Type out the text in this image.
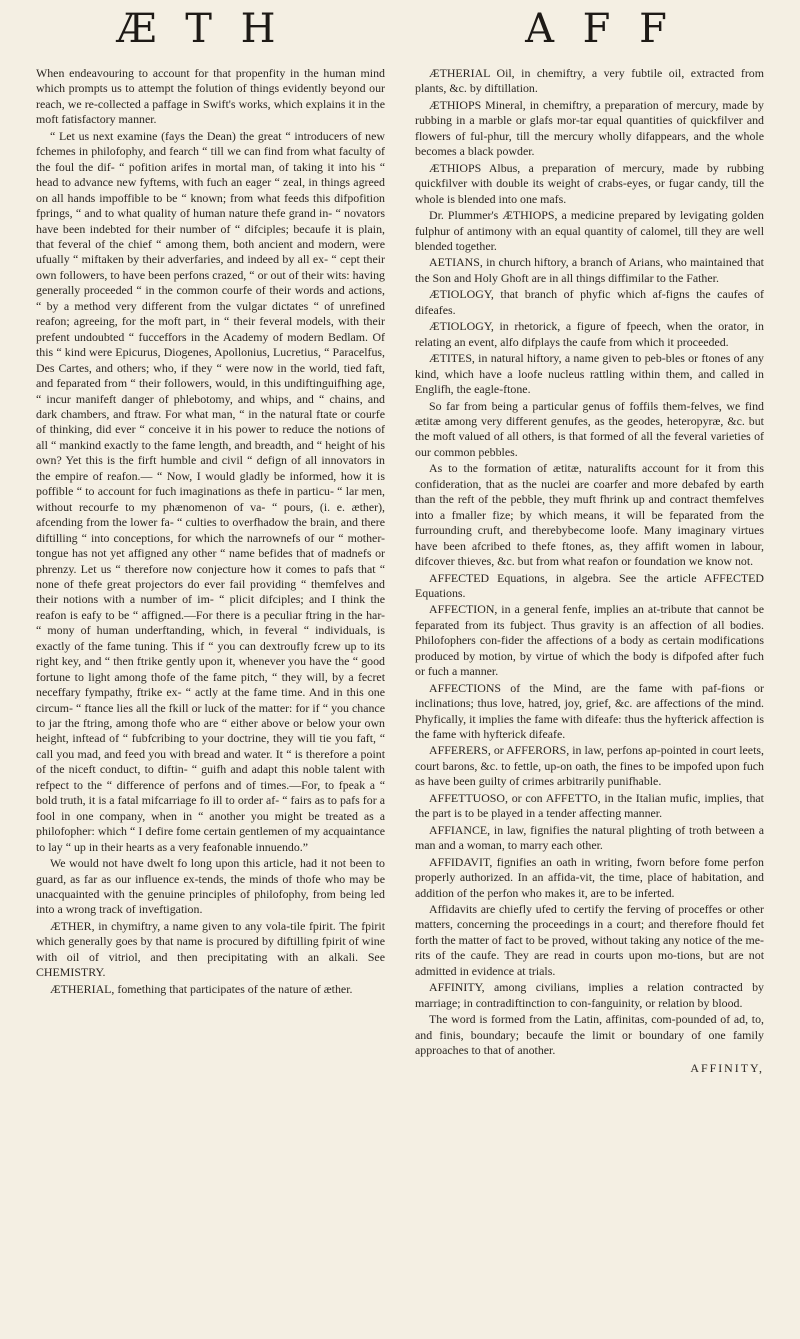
Æ T H	A F F

When endeavouring to account for that propenfity in the human mind which prompts us to attempt the folution of things evidently beyond our reach, we re-collected a paffage in Swift's works, which explains it in the moft fatisfactory manner.

“ Let us next examine (fays the Dean) the great “ introducers of new fchemes in philofophy, and fearch “ till we can find from what faculty of the foul the dif- “ pofition arifes in mortal man, of taking it into his “ head to advance new fyftems, with fuch an eager “ zeal, in things agreed on all hands impoffible to be “ known; from what feeds this difpofition fprings, “ and to what quality of human nature thefe grand in- “ novators have been indebted for their number of “ difciples; becaufe it is plain, that feveral of the chief “ among them, both ancient and modern, were ufually “ miftaken by their adverfaries, and indeed by all ex- “ cept their own followers, to have been perfons crazed, “ or out of their wits: having generally proceeded “ in the common courfe of their words and actions, “ by a method very different from the vulgar dictates “ of unrefined reafon; agreeing, for the moft part, in “ their feveral models, with their prefent undoubted “ fucceffors in the Academy of modern Bedlam. Of this “ kind were Epicurus, Diogenes, Apollonius, Lucretius, “ Paracelfus, Des Cartes, and others; who, if they “ were now in the world, tied faft, and feparated from “ their followers, would, in this undiftinguifhing age, “ incur manifeft danger of phlebotomy, and whips, and “ chains, and dark chambers, and ftraw. For what man, “ in the natural ftate or courfe of thinking, did ever “ conceive it in his power to reduce the notions of all “ mankind exactly to the fame length, and breadth, and “ height of his own? Yet this is the firft humble and civil “ defign of all innovators in the empire of reafon.— “ Now, I would gladly be informed, how it is poffible “ to account for fuch imaginations as thefe in particu- “ lar men, without recourfe to my phænomenon of va- “ pours, (i. e. æther), afcending from the lower fa- “ culties to overfhadow the brain, and there diftilling “ into conceptions, for which the narrownefs of our “ mother-tongue has not yet affigned any other “ name befides that of madnefs or phrenzy. Let us “ therefore now conjecture how it comes to pafs that “ none of thefe great projectors do ever fail providing “ themfelves and their notions with a number of im- “ plicit difciples; and I think the reafon is eafy to be “ affigned.—For there is a peculiar ftring in the har- “ mony of human underftanding, which, in feveral “ individuals, is exactly of the fame tuning. This if “ you can dextroufly fcrew up to its right key, and “ then ftrike gently upon it, whenever you have the “ good fortune to light among thofe of the fame pitch, “ they will, by a fecret neceffary fympathy, ftrike ex- “ actly at the fame time. And in this one circum- “ ftance lies all the fkill or luck of the matter: for if “ you chance to jar the ftring, among thofe who are “ either above or below your own height, inftead of “ fubfcribing to your doctrine, they will tie you faft, “ call you mad, and feed you with bread and water. It “ is therefore a point of the niceft conduct, to diftin- “ guifh and adapt this noble talent with refpect to the “ difference of perfons and of times.—For, to fpeak a “ bold truth, it is a fatal mifcarriage fo ill to order af- “ fairs as to pafs for a fool in one company, when in “ another you might be treated as a philofopher: which “ I defire fome certain gentlemen of my acquaintance to lay “ up in their hearts as a very feafonable innuendo.”

We would not have dwelt fo long upon this article, had it not been to guard, as far as our influence ex-tends, the minds of thofe who may be unacquainted with the genuine principles of philofophy, from being led into a wrong track of inveftigation.

ÆTHER, in chymiftry, a name given to any vola-tile fpirit. The fpirit which generally goes by that name is procured by diftilling fpirit of wine with oil of vitriol, and then precipitating with an alkali. See CHEMISTRY.

ÆTHERIAL, fomething that participates of the nature of æther.

ÆTHERIAL Oil, in chemiftry, a very fubtile oil, extracted from plants, &c. by diftillation.

ÆTHIOPS Mineral, in chemiftry, a preparation of mercury, made by rubbing in a marble or glafs mor-tar equal quantities of quickfilver and flowers of ful-phur, till the mercury wholly difappears, and the whole becomes a black powder.

ÆTHIOPS Albus, a preparation of mercury, made by rubbing quickfilver with double its weight of crabs-eyes, or fugar candy, till the whole is blended into one mafs.

Dr. Plummer's ÆTHIOPS, a medicine prepared by levigating golden fulphur of antimony with an equal quantity of calomel, till they are well blended together.

AETIANS, in church hiftory, a branch of Arians, who maintained that the Son and Holy Ghoft are in all things diffimilar to the Father.

ÆTIOLOGY, that branch of phyfic which af-figns the caufes of difeafes.

ÆTIOLOGY, in rhetorick, a figure of fpeech, when the orator, in relating an event, alfo difplays the caufe from which it proceeded.

ÆTITES, in natural hiftory, a name given to peb-bles or ftones of any kind, which have a loofe nucleus rattling within them, and called in Englifh, the eagle-ftone.

So far from being a particular genus of foffils them-felves, we find ætitæ among very different genufes, as the geodes, heteropyræ, &c. but the moft valued of all others, is that formed of all the feveral varieties of our common pebbles.

As to the formation of ætitæ, naturalifts account for it from this confideration, that as the nuclei are coarfer and more debafed by earth than the reft of the pebble, they muft fhrink up and contract themfelves into a fmaller fize; by which means, it will be feparated from the furrounding cruft, and therebybecome loofe. Many imaginary virtues have been afcribed to thefe ftones, as, they affift women in labour, difcover thieves, &c. but from what reafon or foundation we know not.

AFFECTED Equations, in algebra. See the article AFFECTED Equations.

AFFECTION, in a general fenfe, implies an at-tribute that cannot be feparated from its fubject. Thus gravity is an affection of all bodies. Philofophers con-fider the affections of a body as certain modifications produced by motion, by virtue of which the body is difpofed after fuch or fuch a manner.

AFFECTIONS of the Mind, are the fame with paf-fions or inclinations; thus love, hatred, joy, grief, &c. are affections of the mind. Phyfically, it implies the fame with difeafe: thus the hyfterick affection is the fame with hyfterick difeafe.

AFFERERS, or AFFERORS, in law, perfons ap-pointed in court leets, court barons, &c. to fettle, up-on oath, the fines to be impofed upon fuch as have been guilty of crimes arbitrarily punifhable.

AFFETTUOSO, or con AFFETTO, in the Italian mufic, implies, that the part is to be played in a tender affecting manner.

AFFIANCE, in law, fignifies the natural plighting of troth between a man and a woman, to marry each other.

AFFIDAVIT, fignifies an oath in writing, fworn before fome perfon properly authorized. In an affida-vit, the time, place of habitation, and addition of the perfon who makes it, are to be inferted.

Affidavits are chiefly ufed to certify the ferving of proceffes or other matters, concerning the proceedings in a court; and therefore fhould fet forth the matter of fact to be proved, without taking any notice of the me-rits of the caufe. They are read in courts upon mo-tions, but are not admitted in evidence at trials.

AFFINITY, among civilians, implies a relation contracted by marriage; in contradiftinction to con-fanguinity, or relation by blood.

The word is formed from the Latin, affinitas, com-pounded of ad, to, and finis, boundary; becaufe the limit or boundary of one family approaches to that of another.

AFFINITY,
